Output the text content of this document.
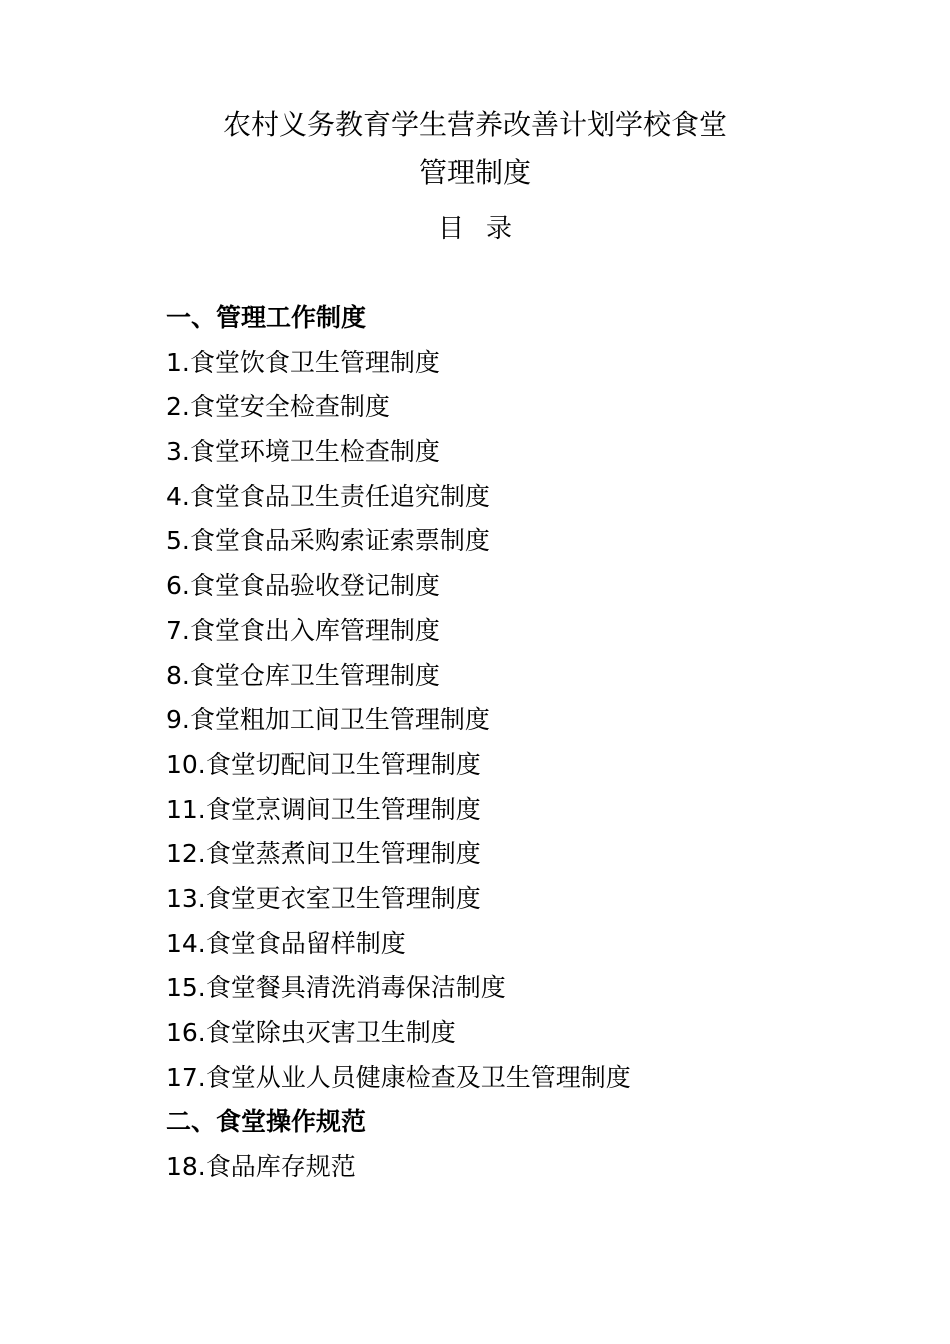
农村义务教育学生营养改善计划学校食堂
管理制度
目录
一、管理工作制度
1.食堂饮食卫生管理制度
2.食堂安全检查制度
3.食堂环境卫生检查制度
4.食堂食品卫生责任追究制度
5.食堂食品采购索证索票制度
6.食堂食品验收登记制度
7.食堂食出入库管理制度
8.食堂仓库卫生管理制度
9.食堂粗加工间卫生管理制度
10.食堂切配间卫生管理制度
11.食堂烹调间卫生管理制度
12.食堂蒸煮间卫生管理制度
13.食堂更衣室卫生管理制度
14.食堂食品留样制度
15.食堂餐具清洗消毒保洁制度
16.食堂除虫灭害卫生制度
17.食堂从业人员健康检查及卫生管理制度
二、食堂操作规范
18.食品库存规范
